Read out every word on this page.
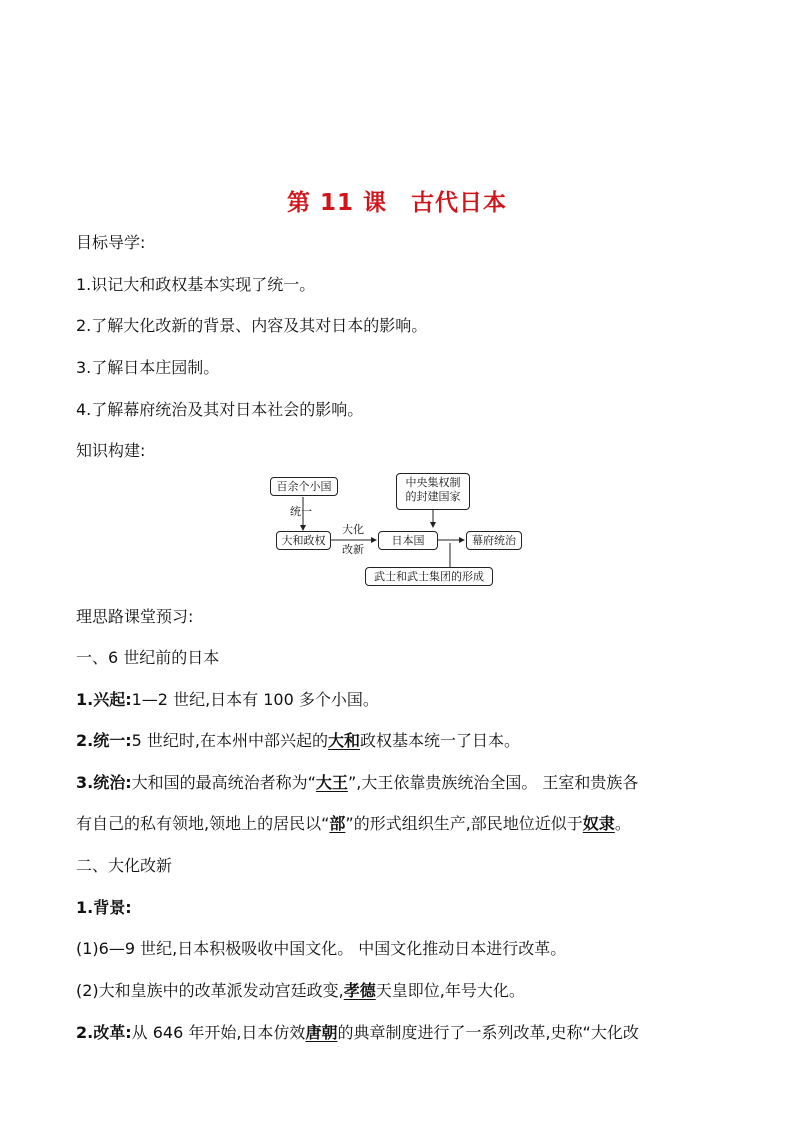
第 11 课　古代日本
目标导学:
1.识记大和政权基本实现了统一。
2.了解大化改新的背景、内容及其对日本的影响。
3.了解日本庄园制。
4.了解幕府统治及其对日本社会的影响。
知识构建:
百余个小国
统一
大和政权
大化
改新
中央集权制
的封建国家
日本国	幕府统治
武士和武士集团的形成
理思路课堂预习:
一、6 世纪前的日本
1.兴起:1—2 世纪,日本有 100 多个小国。
2.统一:5 世纪时,在本州中部兴起的大和政权基本统一了日本。
3.统治:大和国的最高统治者称为“大王”,大王依靠贵族统治全国。 王室和贵族各
有自己的私有领地,领地上的居民以“部”的形式组织生产,部民地位近似于奴隶。
二、大化改新
1.背景:
(1)6—9 世纪,日本积极吸收中国文化。 中国文化推动日本进行改革。
(2)大和皇族中的改革派发动宫廷政变,孝德天皇即位,年号大化。
2.改革:从 646 年开始,日本仿效唐朝的典章制度进行了一系列改革,史称“大化改
